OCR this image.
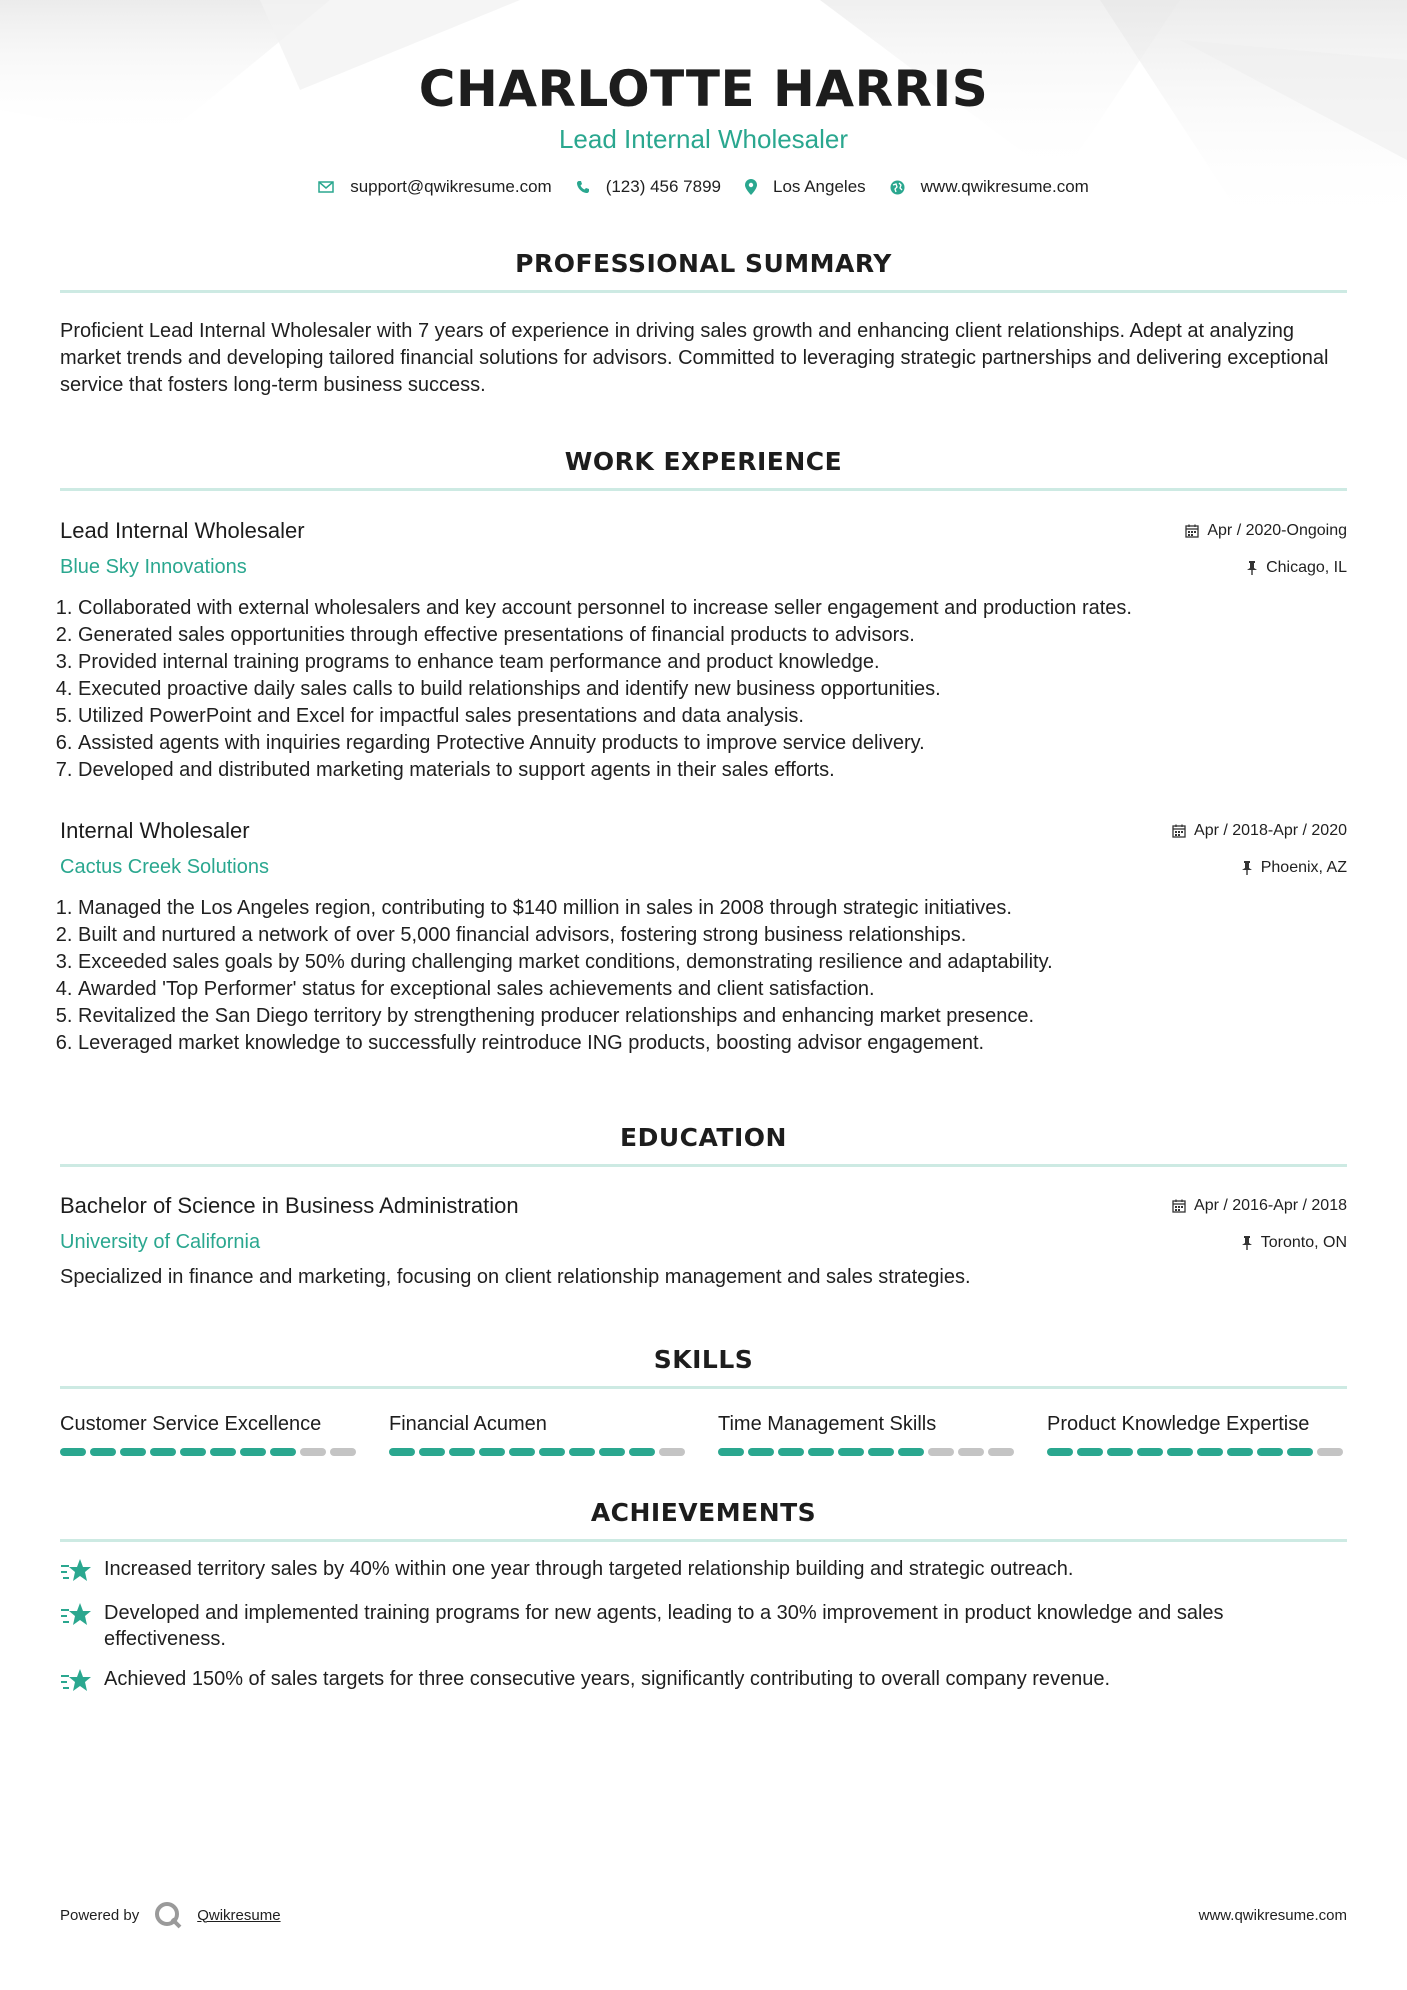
CHARLOTTE HARRIS
Lead Internal Wholesaler
support@qwikresume.com	(123) 456 7899	Los Angeles	www.qwikresume.com
PROFESSIONAL SUMMARY
Proficient Lead Internal Wholesaler with 7 years of experience in driving sales growth and enhancing client relationships. Adept at analyzing market trends and developing tailored financial solutions for advisors. Committed to leveraging strategic partnerships and delivering exceptional service that fosters long-term business success.
WORK EXPERIENCE
Lead Internal Wholesaler	Apr / 2020-Ongoing
Blue Sky Innovations	Chicago, IL
1. Collaborated with external wholesalers and key account personnel to increase seller engagement and production rates.
2. Generated sales opportunities through effective presentations of financial products to advisors.
3. Provided internal training programs to enhance team performance and product knowledge.
4. Executed proactive daily sales calls to build relationships and identify new business opportunities.
5. Utilized PowerPoint and Excel for impactful sales presentations and data analysis.
6. Assisted agents with inquiries regarding Protective Annuity products to improve service delivery.
7. Developed and distributed marketing materials to support agents in their sales efforts.
Internal Wholesaler	Apr / 2018-Apr / 2020
Cactus Creek Solutions	Phoenix, AZ
1. Managed the Los Angeles region, contributing to $140 million in sales in 2008 through strategic initiatives.
2. Built and nurtured a network of over 5,000 financial advisors, fostering strong business relationships.
3. Exceeded sales goals by 50% during challenging market conditions, demonstrating resilience and adaptability.
4. Awarded 'Top Performer' status for exceptional sales achievements and client satisfaction.
5. Revitalized the San Diego territory by strengthening producer relationships and enhancing market presence.
6. Leveraged market knowledge to successfully reintroduce ING products, boosting advisor engagement.
EDUCATION
Bachelor of Science in Business Administration	Apr / 2016-Apr / 2018
University of California	Toronto, ON
Specialized in finance and marketing, focusing on client relationship management and sales strategies.
SKILLS
Customer Service Excellence	Financial Acumen	Time Management Skills	Product Knowledge Expertise
ACHIEVEMENTS
Increased territory sales by 40% within one year through targeted relationship building and strategic outreach.
Developed and implemented training programs for new agents, leading to a 30% improvement in product knowledge and sales effectiveness.
Achieved 150% of sales targets for three consecutive years, significantly contributing to overall company revenue.
Powered by	Qwikresume	www.qwikresume.com
